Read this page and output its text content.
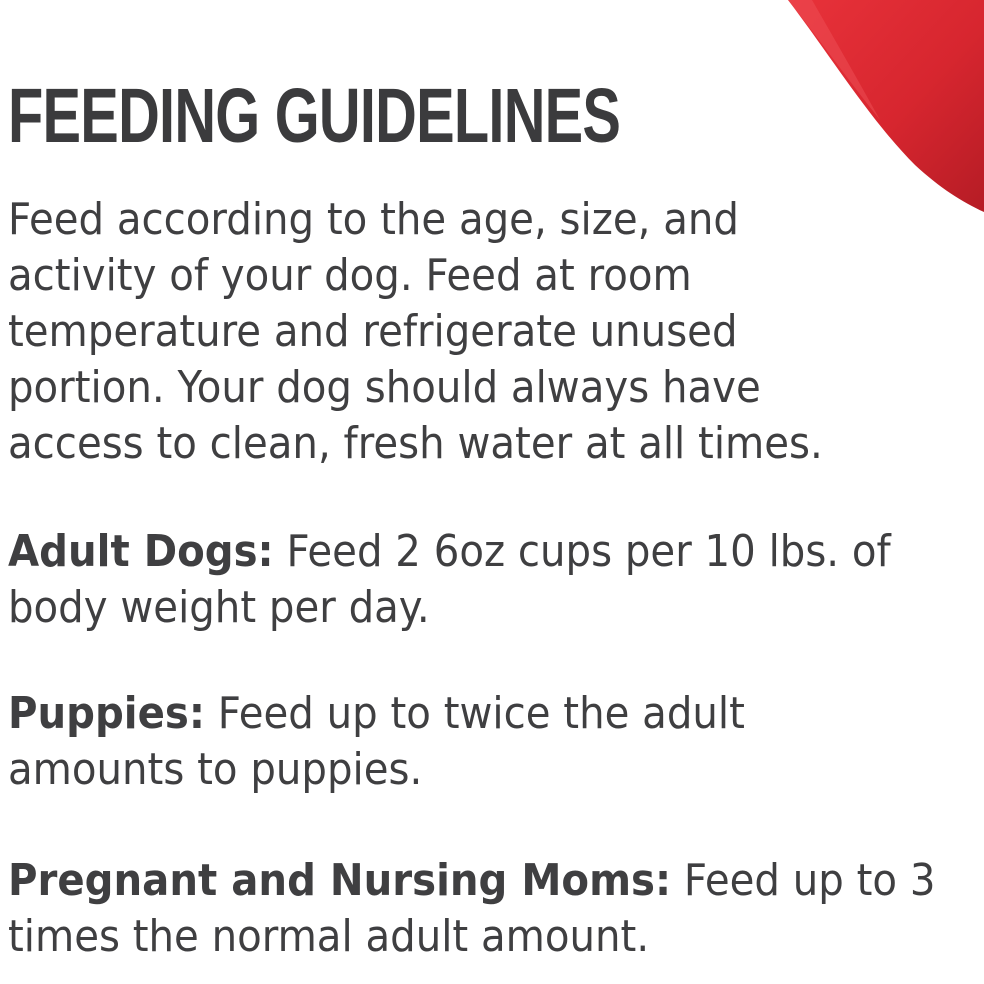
FEEDING GUIDELINES

Feed according to the age, size, and
activity of your dog. Feed at room
temperature and refrigerate unused
portion. Your dog should always have
access to clean, fresh water at all times.

Adult Dogs: Feed 2 6oz cups per 10 lbs. of
body weight per day.

Puppies: Feed up to twice the adult
amounts to puppies.

Pregnant and Nursing Moms: Feed up to 3
times the normal adult amount.
